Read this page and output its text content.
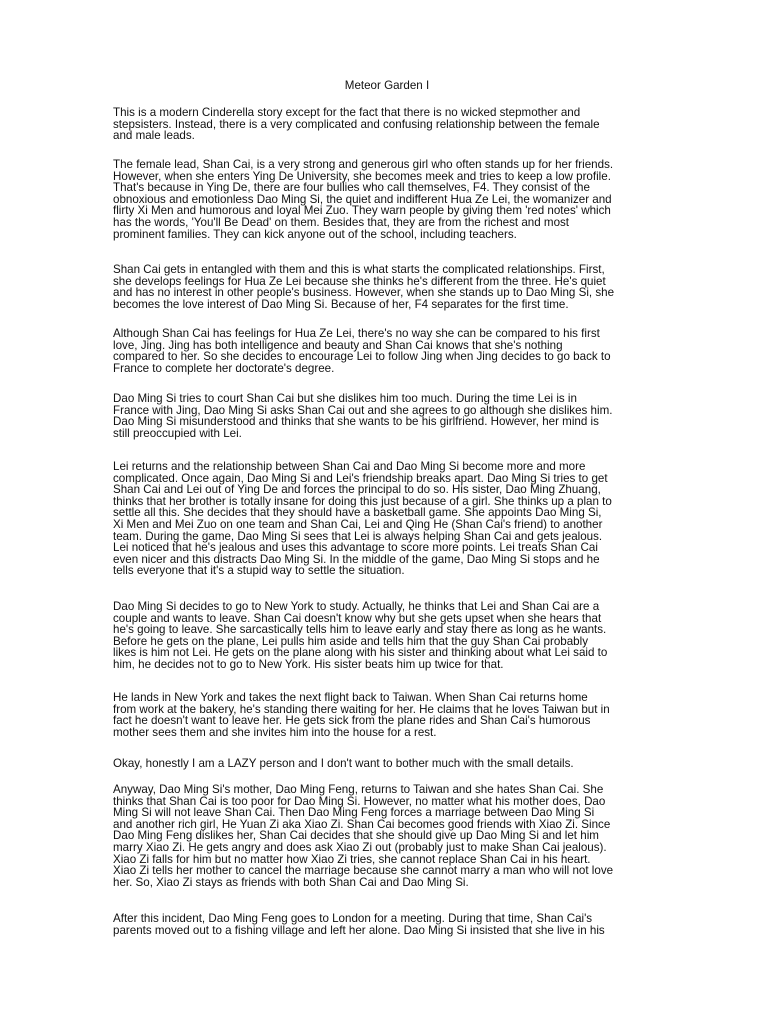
Meteor Garden I
This is a modern Cinderella story except for the fact that there is no wicked stepmother and
stepsisters. Instead, there is a very complicated and confusing relationship between the female
and male leads.
The female lead, Shan Cai, is a very strong and generous girl who often stands up for her friends.
However, when she enters Ying De University, she becomes meek and tries to keep a low profile.
That's because in Ying De, there are four bullies who call themselves, F4. They consist of the
obnoxious and emotionless Dao Ming Si, the quiet and indifferent Hua Ze Lei, the womanizer and
flirty Xi Men and humorous and loyal Mei Zuo. They warn people by giving them 'red notes' which
has the words, 'You'll Be Dead' on them. Besides that, they are from the richest and most
prominent families. They can kick anyone out of the school, including teachers.
Shan Cai gets in entangled with them and this is what starts the complicated relationships. First,
she develops feelings for Hua Ze Lei because she thinks he's different from the three. He's quiet
and has no interest in other people's business. However, when she stands up to Dao Ming Si, she
becomes the love interest of Dao Ming Si. Because of her, F4 separates for the first time.
Although Shan Cai has feelings for Hua Ze Lei, there's no way she can be compared to his first
love, Jing. Jing has both intelligence and beauty and Shan Cai knows that she's nothing
compared to her. So she decides to encourage Lei to follow Jing when Jing decides to go back to
France to complete her doctorate's degree.
Dao Ming Si tries to court Shan Cai but she dislikes him too much. During the time Lei is in
France with Jing, Dao Ming Si asks Shan Cai out and she agrees to go although she dislikes him.
Dao Ming Si misunderstood and thinks that she wants to be his girlfriend. However, her mind is
still preoccupied with Lei.
Lei returns and the relationship between Shan Cai and Dao Ming Si become more and more
complicated. Once again, Dao Ming Si and Lei's friendship breaks apart. Dao Ming Si tries to get
Shan Cai and Lei out of Ying De and forces the principal to do so. His sister, Dao Ming Zhuang,
thinks that her brother is totally insane for doing this just because of a girl. She thinks up a plan to
settle all this. She decides that they should have a basketball game. She appoints Dao Ming Si,
Xi Men and Mei Zuo on one team and Shan Cai, Lei and Qing He (Shan Cai's friend) to another
team. During the game, Dao Ming Si sees that Lei is always helping Shan Cai and gets jealous.
Lei noticed that he's jealous and uses this advantage to score more points. Lei treats Shan Cai
even nicer and this distracts Dao Ming Si. In the middle of the game, Dao Ming Si stops and he
tells everyone that it's a stupid way to settle the situation.
Dao Ming Si decides to go to New York to study. Actually, he thinks that Lei and Shan Cai are a
couple and wants to leave. Shan Cai doesn't know why but she gets upset when she hears that
he's going to leave. She sarcastically tells him to leave early and stay there as long as he wants.
Before he gets on the plane, Lei pulls him aside and tells him that the guy Shan Cai probably
likes is him not Lei. He gets on the plane along with his sister and thinking about what Lei said to
him, he decides not to go to New York. His sister beats him up twice for that.
He lands in New York and takes the next flight back to Taiwan. When Shan Cai returns home
from work at the bakery, he's standing there waiting for her. He claims that he loves Taiwan but in
fact he doesn't want to leave her. He gets sick from the plane rides and Shan Cai's humorous
mother sees them and she invites him into the house for a rest.
Okay, honestly I am a LAZY person and I don't want to bother much with the small details.
Anyway, Dao Ming Si's mother, Dao Ming Feng, returns to Taiwan and she hates Shan Cai. She
thinks that Shan Cai is too poor for Dao Ming Si. However, no matter what his mother does, Dao
Ming Si will not leave Shan Cai. Then Dao Ming Feng forces a marriage between Dao Ming Si
and another rich girl, He Yuan Zi aka Xiao Zi. Shan Cai becomes good friends with Xiao Zi. Since
Dao Ming Feng dislikes her, Shan Cai decides that she should give up Dao Ming Si and let him
marry Xiao Zi. He gets angry and does ask Xiao Zi out (probably just to make Shan Cai jealous).
Xiao Zi falls for him but no matter how Xiao Zi tries, she cannot replace Shan Cai in his heart.
Xiao Zi tells her mother to cancel the marriage because she cannot marry a man who will not love
her. So, Xiao Zi stays as friends with both Shan Cai and Dao Ming Si.
After this incident, Dao Ming Feng goes to London for a meeting. During that time, Shan Cai's
parents moved out to a fishing village and left her alone. Dao Ming Si insisted that she live in his
